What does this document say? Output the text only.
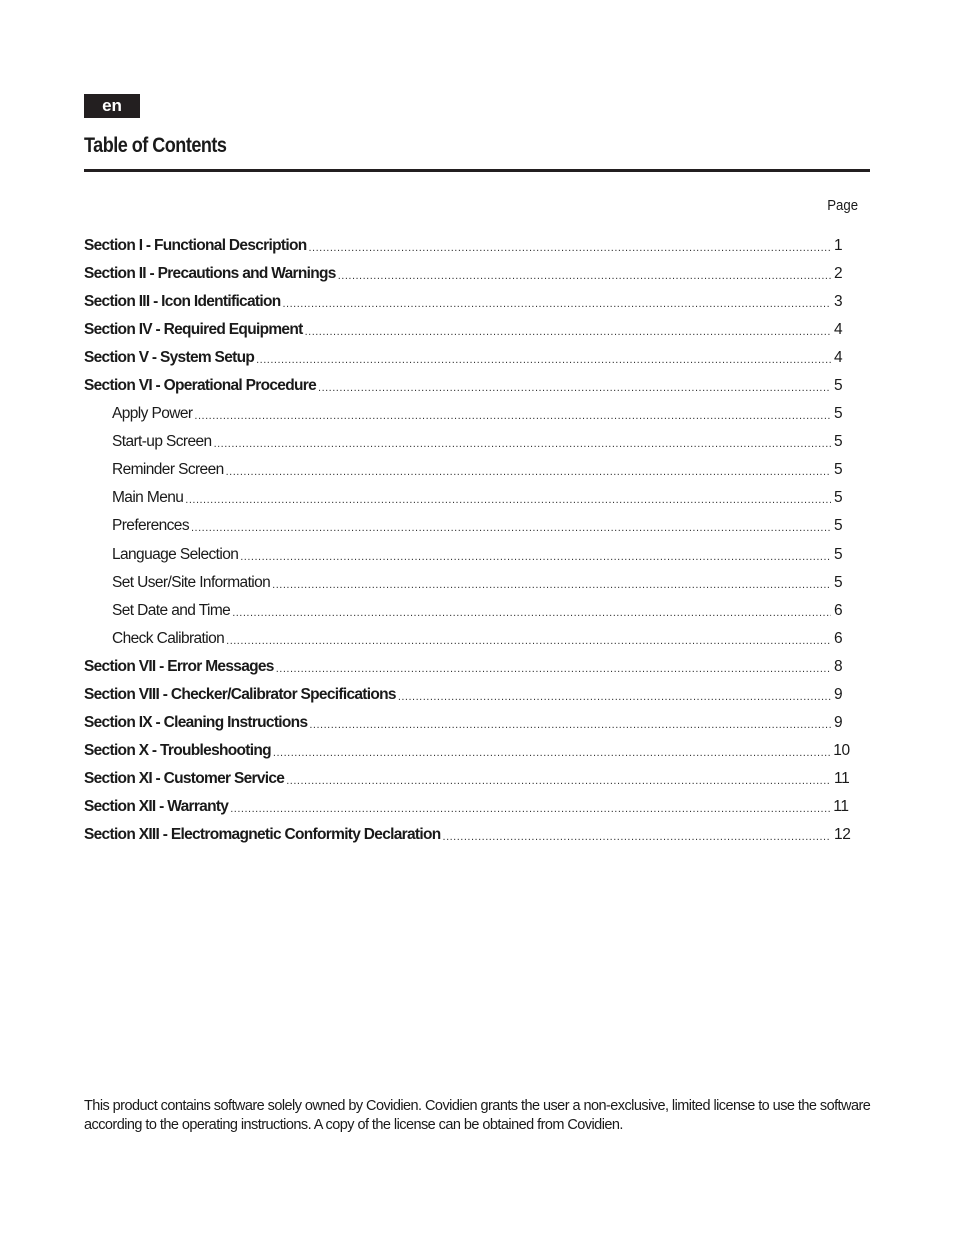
en
Table of Contents
Page
Section I - Functional Description .....	1
Section II - Precautions and Warnings .....	2
Section III - Icon Identification .....	3
Section IV - Required Equipment .....	4
Section V - System Setup .....	4
Section VI - Operational Procedure .....	5
Apply Power .....	5
Start-up Screen .....	5
Reminder Screen .....	5
Main Menu .....	5
Preferences .....	5
Language Selection .....	5
Set User/Site Information .....	5
Set Date and Time .....	6
Check Calibration .....	6
Section VII - Error Messages .....	8
Section VIII - Checker/Calibrator Specifications .....	9
Section IX - Cleaning Instructions .....	9
Section X - Troubleshooting .....	10
Section XI - Customer Service .....	11
Section XII - Warranty .....	11
Section XIII - Electromagnetic Conformity Declaration .....	12
This product contains software solely owned by Covidien. Covidien grants the user a non-exclusive, limited license to use the software according to the operating instructions. A copy of the license can be obtained from Covidien.
